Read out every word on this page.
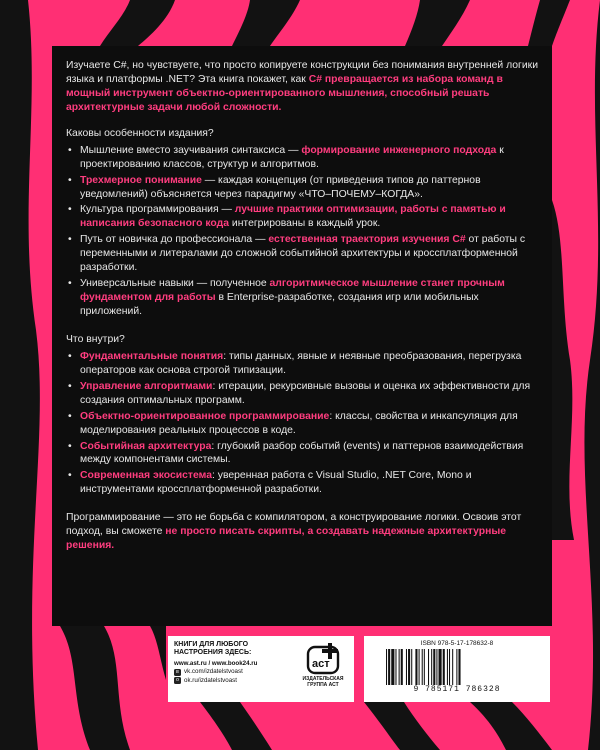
Изучаете C#, но чувствуете, что просто копируете конструкции без понимания внутренней логики языка и платформы .NET? Эта книга покажет, как C# превращается из набора команд в мощный инструмент объектно-ориентированного мышления, способный решать архитектурные задачи любой сложности.

Каковы особенности издания?

• Мышление вместо заучивания синтаксиса — формирование инженерного подхода к проектированию классов, структур и алгоритмов.
• Трехмерное понимание — каждая концепция (от приведения типов до паттернов уведомлений) объясняется через парадигму «ЧТО–ПОЧЕМУ–КОГДА».
• Культура программирования — лучшие практики оптимизации, работы с памятью и написания безопасного кода интегрированы в каждый урок.
• Путь от новичка до профессионала — естественная траектория изучения C# от работы с переменными и литералами до сложной событийной архитектуры и кроссплатформенной разработки.
• Универсальные навыки — полученное алгоритмическое мышление станет прочным фундаментом для работы в Enterprise-разработке, создания игр или мобильных приложений.

Что внутри?

• Фундаментальные понятия: типы данных, явные и неявные преобразования, перегрузка операторов как основа строгой типизации.
• Управление алгоритмами: итерации, рекурсивные вызовы и оценка их эффективности для создания оптимальных программ.
• Объектно-ориентированное программирование: классы, свойства и инкапсуляция для моделирования реальных процессов в коде.
• Событийная архитектура: глубокий разбор событий (events) и паттернов взаимодействия между компонентами системы.
• Современная экосистема: уверенная работа с Visual Studio, .NET Core, Mono и инструментами кроссплатформенной разработки.

Программирование — это не борьба с компилятором, а конструирование логики. Освоив этот подход, вы сможете не просто писать скрипты, а создавать надежные архитектурные решения.

КНИГИ ДЛЯ ЛЮБОГО НАСТРОЕНИЯ ЗДЕСЬ:
www.ast.ru / www.book24.ru
в vk.com/izdatelstvoast
о ok.ru/izdatelstvoast
аст
ИЗДАТЕЛЬСКАЯ ГРУППА АСТ
ISBN 978-5-17-178632-8
9 785171 786328
